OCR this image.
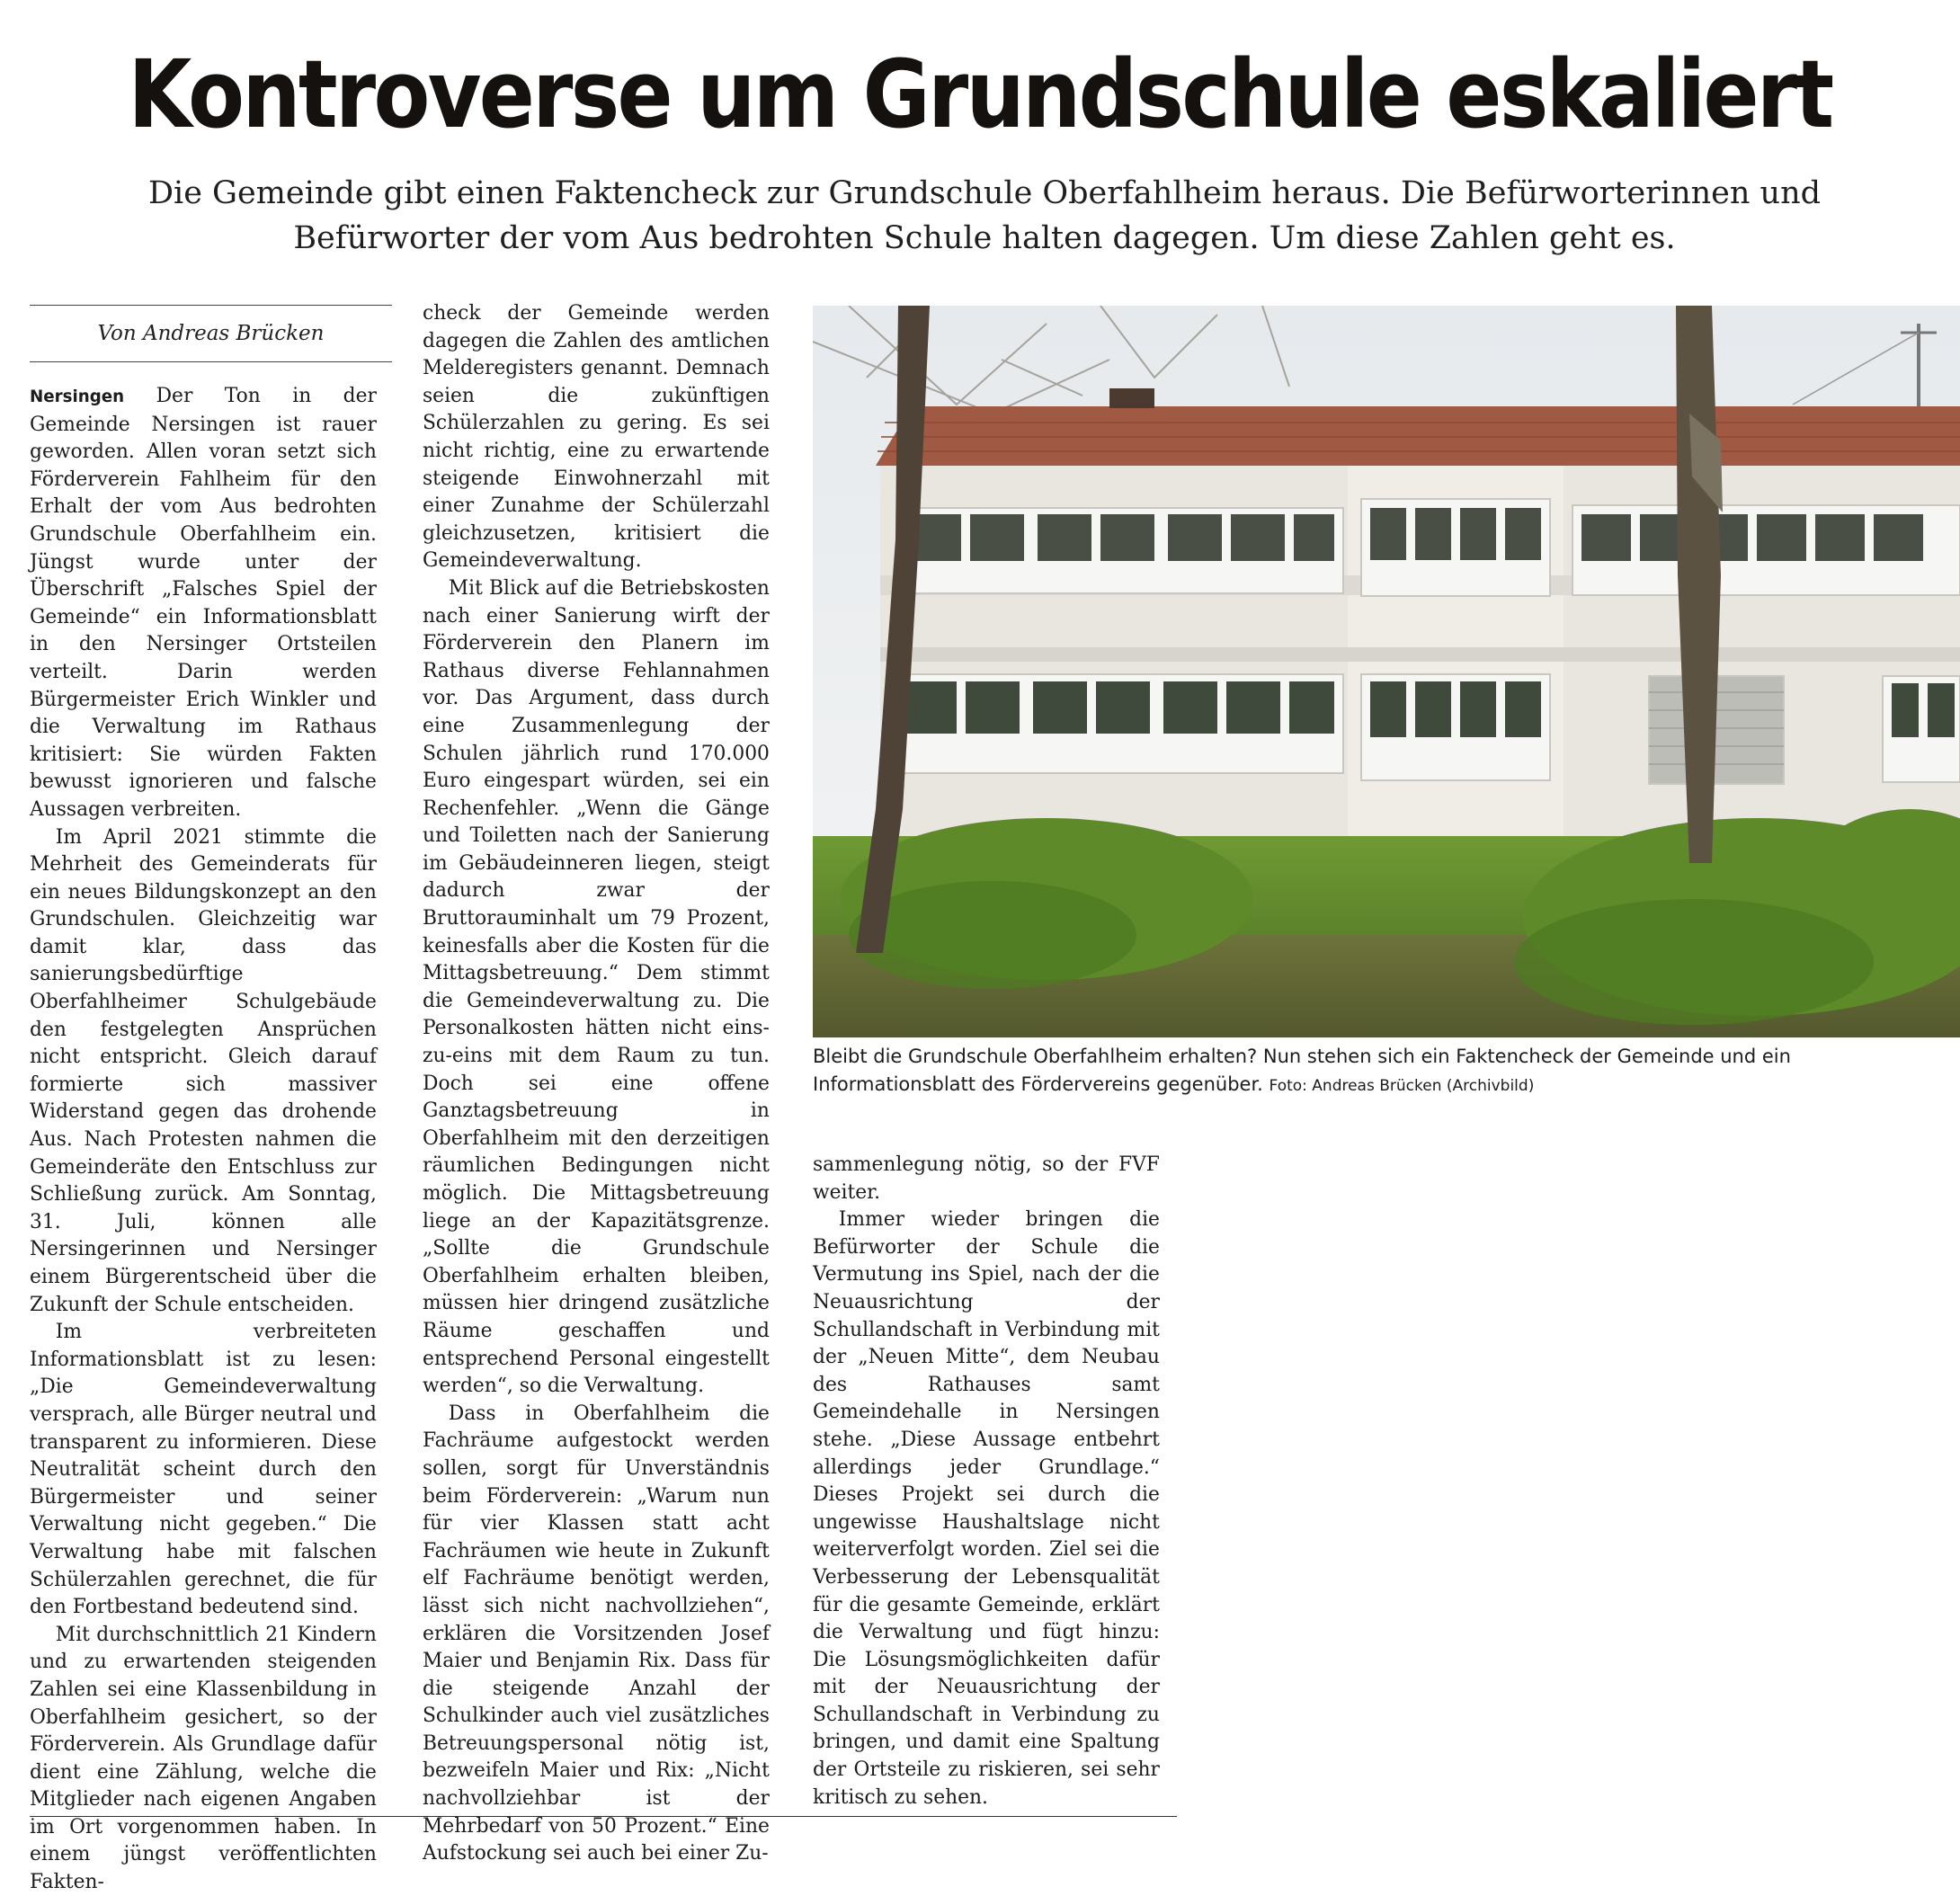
Kontroverse um Grundschule eskaliert
Die Gemeinde gibt einen Faktencheck zur Grundschule Oberfahlheim heraus. Die Befürworterinnen und Befürworter der vom Aus bedrohten Schule halten dagegen. Um diese Zahlen geht es.
Von Andreas Brücken

Nersingen Der Ton in der Gemeinde Nersingen ist rauer geworden. Allen voran setzt sich Förderverein Fahlheim für den Erhalt der vom Aus bedrohten Grundschule Oberfahlheim ein. Jüngst wurde unter der Überschrift „Falsches Spiel der Gemeinde“ ein Informationsblatt in den Nersinger Ortsteilen verteilt. Darin werden Bürgermeister Erich Winkler und die Verwaltung im Rathaus kritisiert: Sie würden Fakten bewusst ignorieren und falsche Aussagen verbreiten.

Im April 2021 stimmte die Mehrheit des Gemeinderats für ein neues Bildungskonzept an den Grundschulen. Gleichzeitig war damit klar, dass das sanierungsbedürftige Oberfahlheimer Schulgebäude den festgelegten Ansprüchen nicht entspricht. Gleich darauf formierte sich massiver Widerstand gegen das drohende Aus. Nach Protesten nahmen die Gemeinderäte den Entschluss zur Schließung zurück. Am Sonntag, 31. Juli, können alle Nersingerinnen und Nersinger einem Bürgerentscheid über die Zukunft der Schule entscheiden.

Im verbreiteten Informationsblatt ist zu lesen: „Die Gemeindeverwaltung versprach, alle Bürger neutral und transparent zu informieren. Diese Neutralität scheint durch den Bürgermeister und seiner Verwaltung nicht gegeben.“ Die Verwaltung habe mit falschen Schülerzahlen gerechnet, die für den Fortbestand bedeutend sind.

Mit durchschnittlich 21 Kindern und zu erwartenden steigenden Zahlen sei eine Klassenbildung in Oberfahlheim gesichert, so der Förderverein. Als Grundlage dafür dient eine Zählung, welche die Mitglieder nach eigenen Angaben im Ort vorgenommen haben. In einem jüngst veröffentlichten Fakten-

check der Gemeinde werden dagegen die Zahlen des amtlichen Melderegisters genannt. Demnach seien die zukünftigen Schülerzahlen zu gering. Es sei nicht richtig, eine zu erwartende steigende Einwohnerzahl mit einer Zunahme der Schülerzahl gleichzusetzen, kritisiert die Gemeindeverwaltung.

Mit Blick auf die Betriebskosten nach einer Sanierung wirft der Förderverein den Planern im Rathaus diverse Fehlannahmen vor. Das Argument, dass durch eine Zusammenlegung der Schulen jährlich rund 170.000 Euro eingespart würden, sei ein Rechenfehler. „Wenn die Gänge und Toiletten nach der Sanierung im Gebäudeinneren liegen, steigt dadurch zwar der Bruttorauminhalt um 79 Prozent, keinesfalls aber die Kosten für die Mittagsbetreuung.“ Dem stimmt die Gemeindeverwaltung zu. Die Personalkosten hätten nicht eins-zu-eins mit dem Raum zu tun. Doch sei eine offene Ganztagsbetreuung in Oberfahlheim mit den derzeitigen räumlichen Bedingungen nicht möglich. Die Mittagsbetreuung liege an der Kapazitätsgrenze. „Sollte die Grundschule Oberfahlheim erhalten bleiben, müssen hier dringend zusätzliche Räume geschaffen und entsprechend Personal eingestellt werden“, so die Verwaltung.

Dass in Oberfahlheim die Fachräume aufgestockt werden sollen, sorgt für Unverständnis beim Förderverein: „Warum nun für vier Klassen statt acht Fachräumen wie heute in Zukunft elf Fachräume benötigt werden, lässt sich nicht nachvollziehen“, erklären die Vorsitzenden Josef Maier und Benjamin Rix. Dass für die steigende Anzahl der Schulkinder auch viel zusätzliches Betreuungspersonal nötig ist, bezweifeln Maier und Rix: „Nicht nachvollziehbar ist der Mehrbedarf von 50 Prozent.“ Eine Aufstockung sei auch bei einer Zu-

Bleibt die Grundschule Oberfahlheim erhalten? Nun stehen sich ein Faktencheck der Gemeinde und ein Informationsblatt des Fördervereins gegenüber. Foto: Andreas Brücken (Archivbild)

sammenlegung nötig, so der FVF weiter.

Immer wieder bringen die Befürworter der Schule die Vermutung ins Spiel, nach der die Neuausrichtung der Schullandschaft in Verbindung mit der „Neuen Mitte“, dem Neubau des Rathauses samt Gemeindehalle in Nersingen stehe. „Diese Aussage entbehrt allerdings jeder Grundlage.“ Dieses Projekt sei durch die ungewisse Haushaltslage nicht weiterverfolgt worden. Ziel sei die Verbesserung der Lebensqualität für die gesamte Gemeinde, erklärt die Verwaltung und fügt hinzu: Die Lösungsmöglichkeiten dafür mit der Neuausrichtung der Schullandschaft in Verbindung zu bringen, und damit eine Spaltung der Ortsteile zu riskieren, sei sehr kritisch zu sehen.
